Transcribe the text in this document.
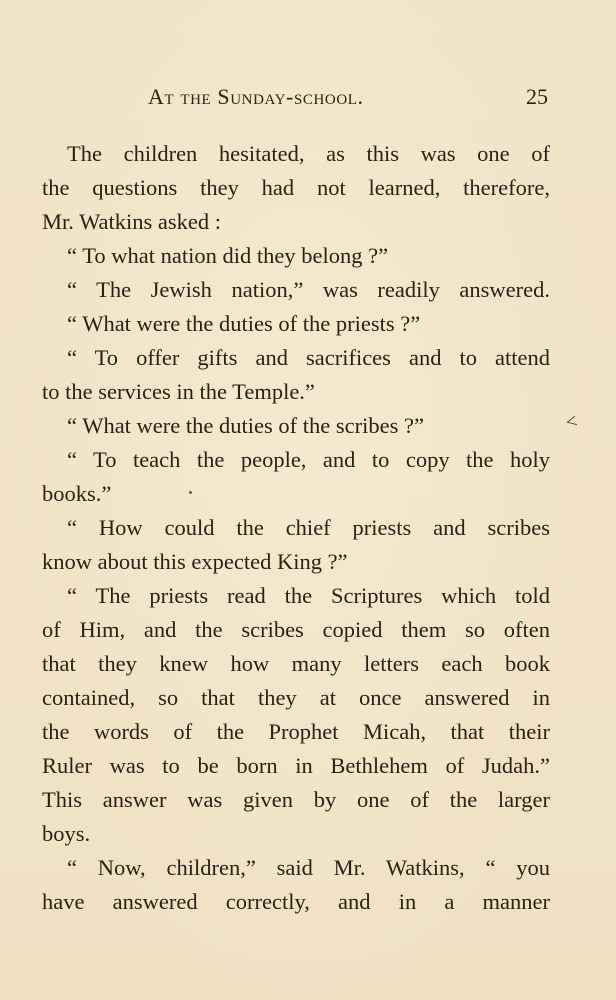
At the Sunday-school.	25
The children hesitated, as this was one of
the questions they had not learned, therefore,
Mr. Watkins asked :
“ To what nation did they belong ?”
“ The Jewish nation,” was readily answered.
“ What were the duties of the priests ?”
“ To offer gifts and sacrifices and to attend
to the services in the Temple.”
“ What were the duties of the scribes ?”
“ To teach the people, and to copy the holy
books.”
“ How could the chief priests and scribes
know about this expected King ?”
“ The priests read the Scriptures which told
of Him, and the scribes copied them so often
that they knew how many letters each book
contained, so that they at once answered in
the words of the Prophet Micah, that their
Ruler was to be born in Bethlehem of Judah.”
This answer was given by one of the larger
boys.
“ Now, children,” said Mr. Watkins, “ you
have answered correctly, and in a manner
<
